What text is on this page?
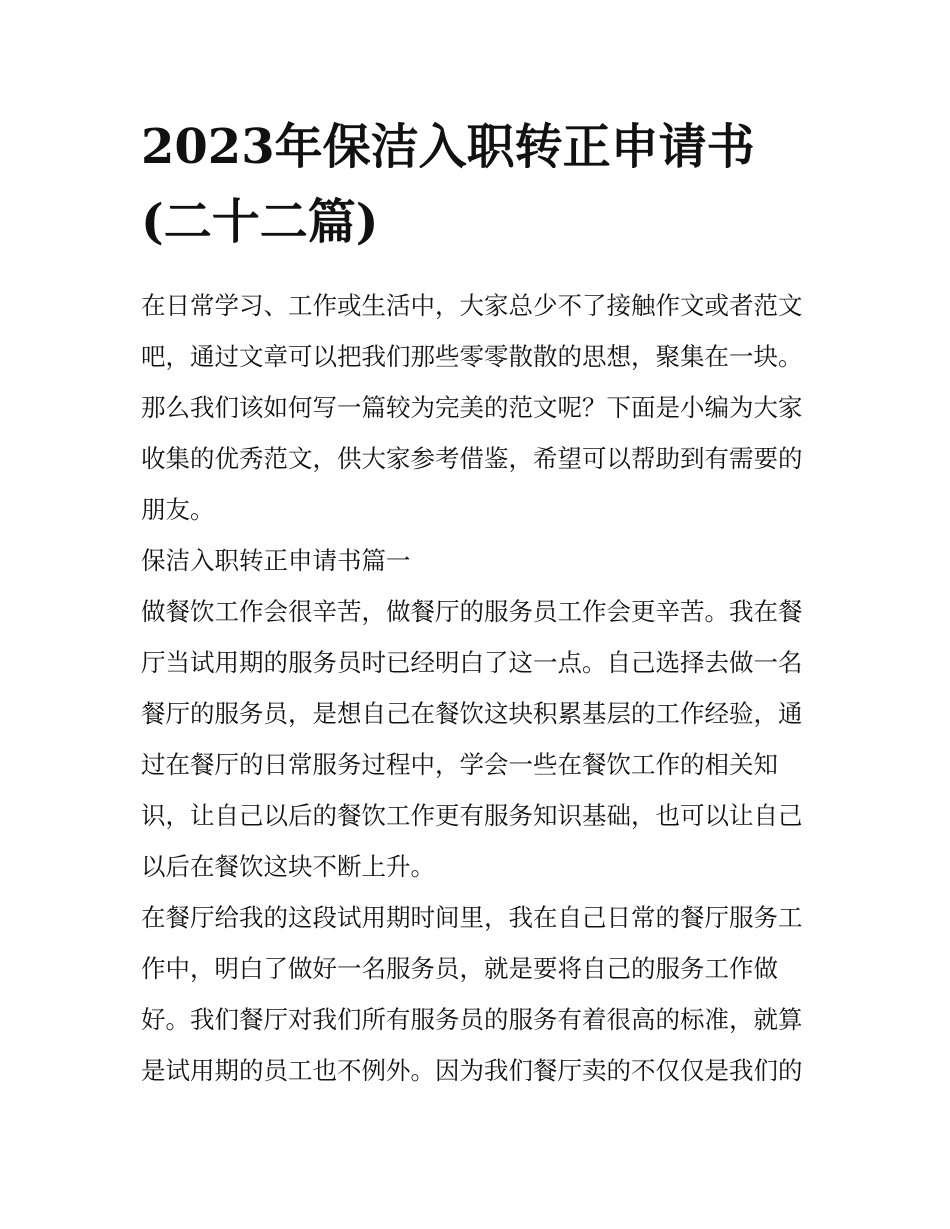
2023年保洁入职转正申请书
(二十二篇)

在日常学习、工作或生活中，大家总少不了接触作文或者范文
吧，通过文章可以把我们那些零零散散的思想，聚集在一块。
那么我们该如何写一篇较为完美的范文呢？下面是小编为大家
收集的优秀范文，供大家参考借鉴，希望可以帮助到有需要的
朋友。

保洁入职转正申请书篇一

做餐饮工作会很辛苦，做餐厅的服务员工作会更辛苦。我在餐
厅当试用期的服务员时已经明白了这一点。自己选择去做一名
餐厅的服务员，是想自己在餐饮这块积累基层的工作经验，通
过在餐厅的日常服务过程中，学会一些在餐饮工作的相关知
识，让自己以后的餐饮工作更有服务知识基础，也可以让自己
以后在餐饮这块不断上升。

在餐厅给我的这段试用期时间里，我在自己日常的餐厅服务工
作中，明白了做好一名服务员，就是要将自己的服务工作做
好。我们餐厅对我们所有服务员的服务有着很高的标准，就算
是试用期的员工也不例外。因为我们餐厅卖的不仅仅是我们的
